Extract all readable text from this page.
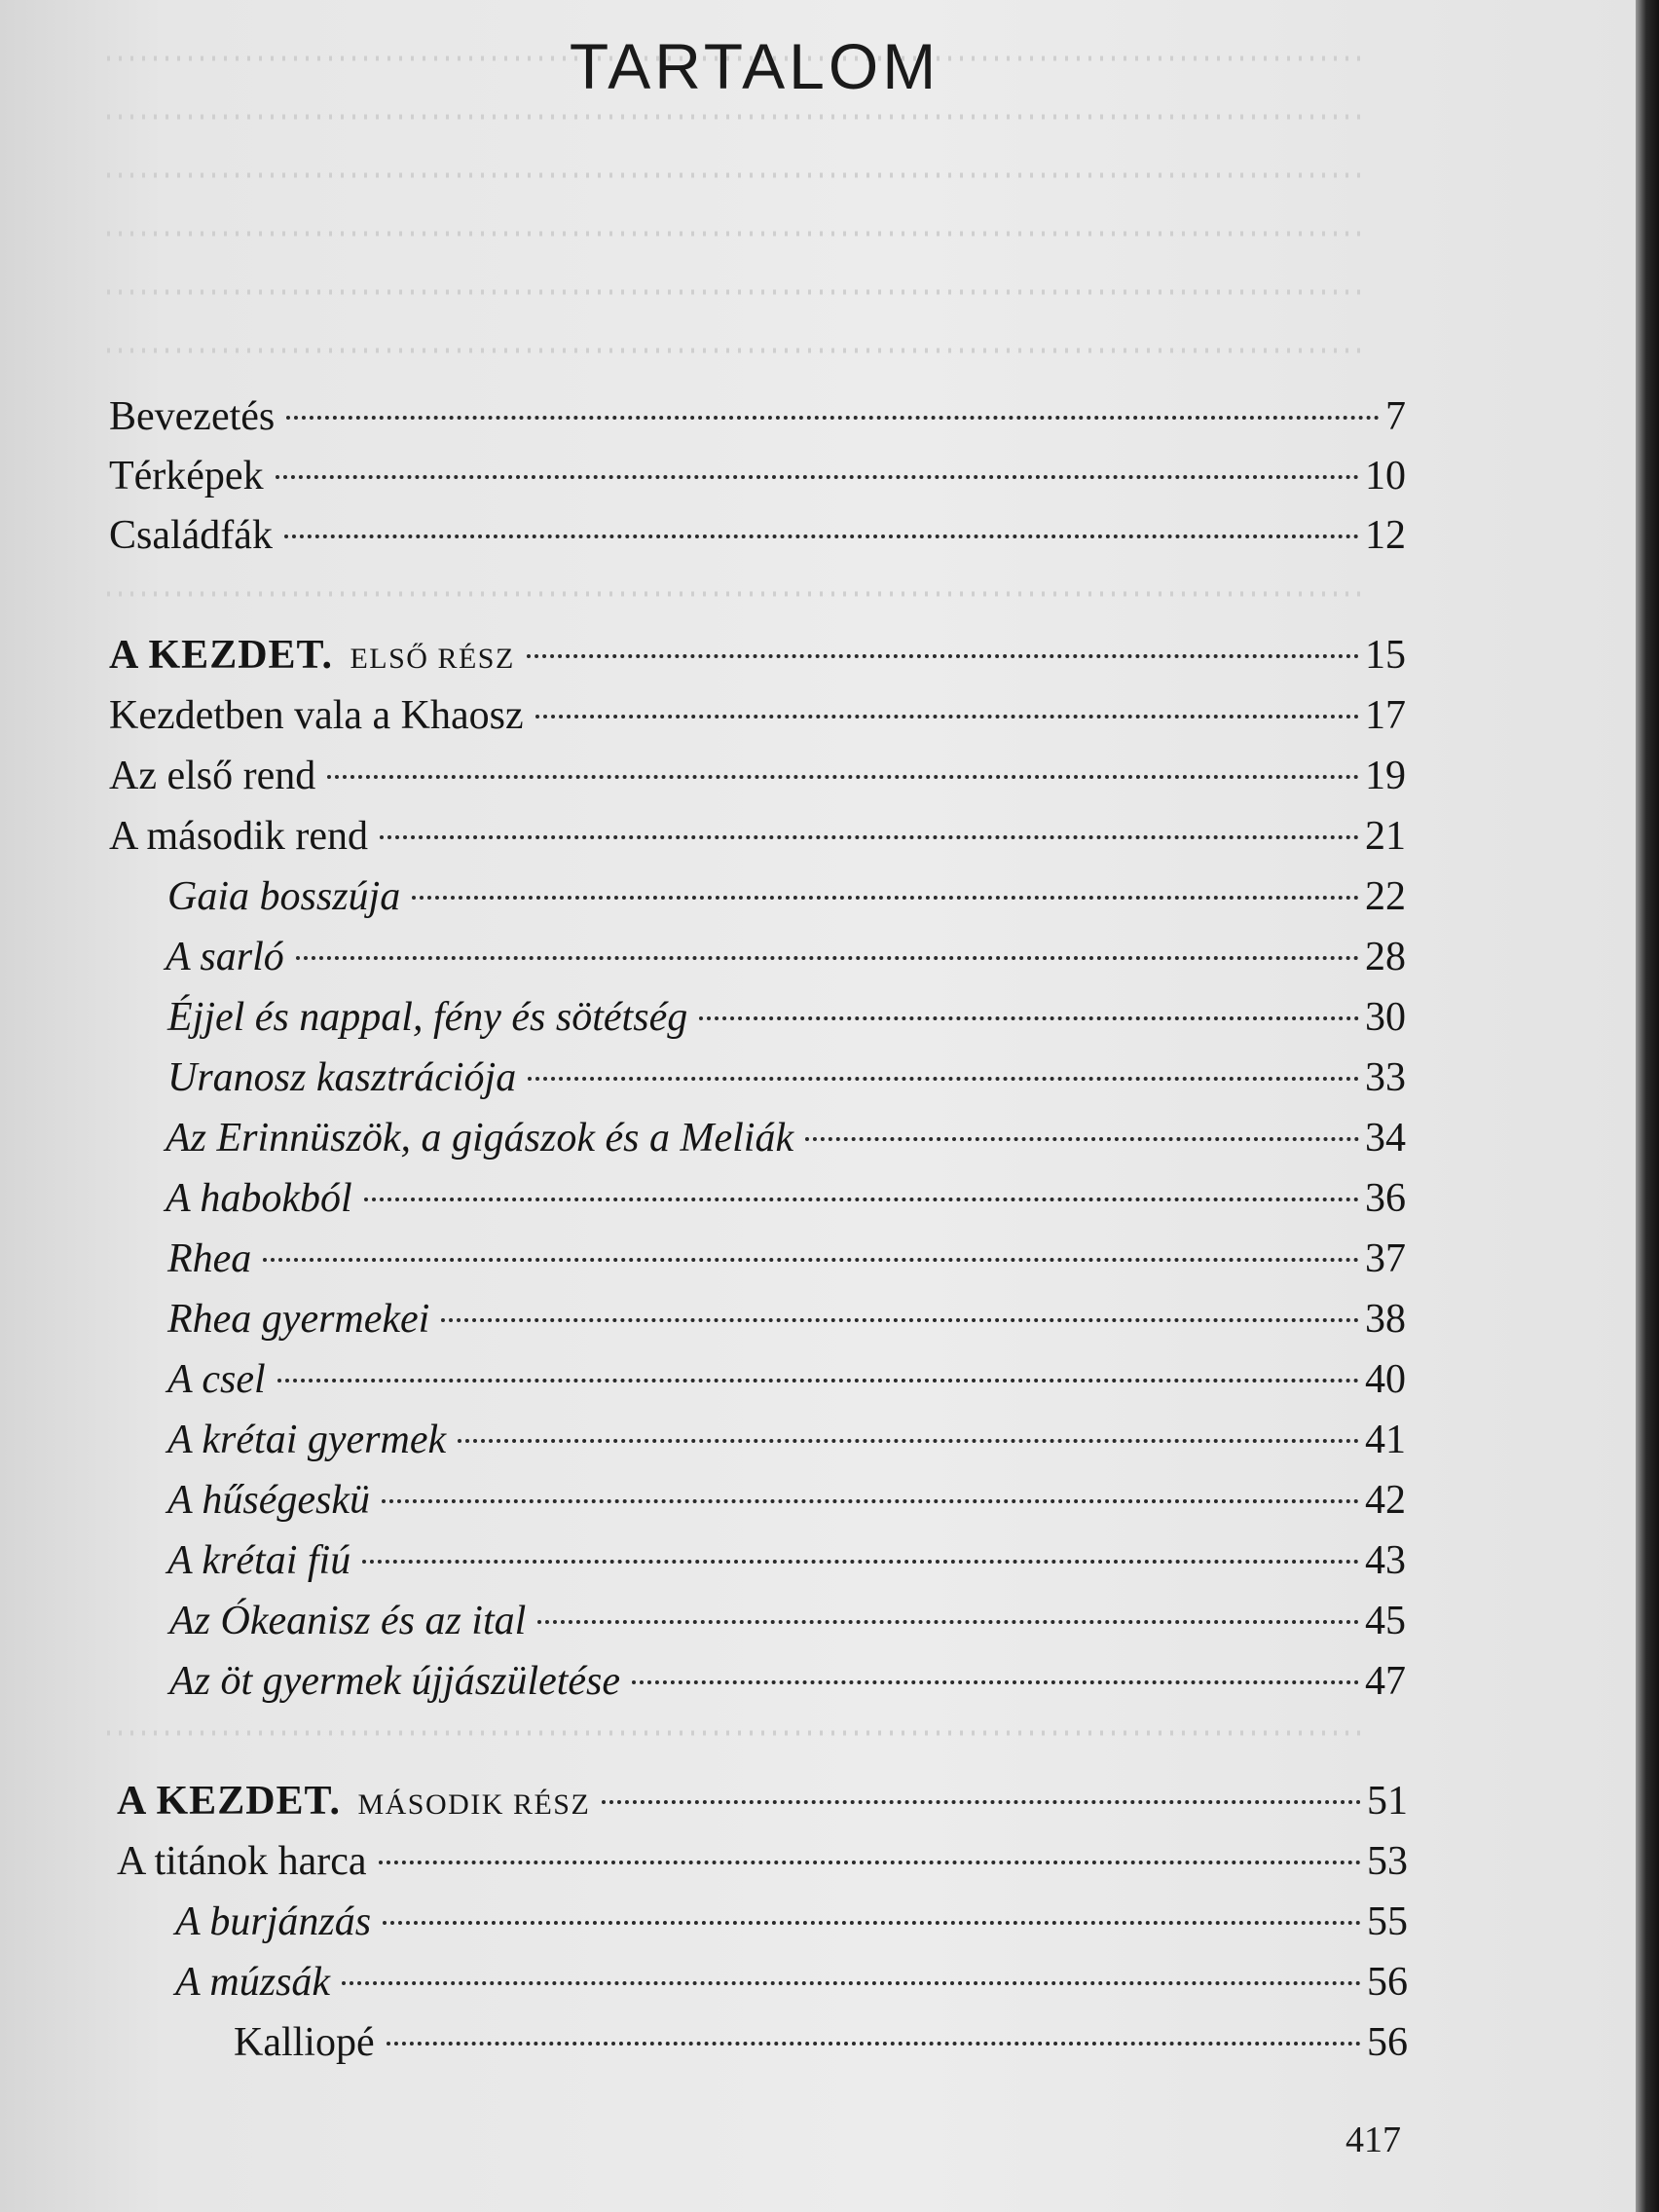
TARTALOM
Bevezetés	7
Térképek	10
Családfák	12
A KEZDET. ELSŐ RÉSZ	15
Kezdetben vala a Khaosz	17
Az első rend	19
A második rend	21
Gaia bosszúja	22
A sarló	28
Éjjel és nappal, fény és sötétség	30
Uranosz kasztrációja	33
Az Erinnüszök, a gigászok és a Meliák	34
A habokból	36
Rhea	37
Rhea gyermekei	38
A csel	40
A krétai gyermek	41
A hűségeskü	42
A krétai fiú	43
Az Ókeanisz és az ital	45
Az öt gyermek újjászületése	47
A KEZDET. MÁSODIK RÉSZ	51
A titánok harca	53
A burjánzás	55
A múzsák	56
Kalliopé	56
417
